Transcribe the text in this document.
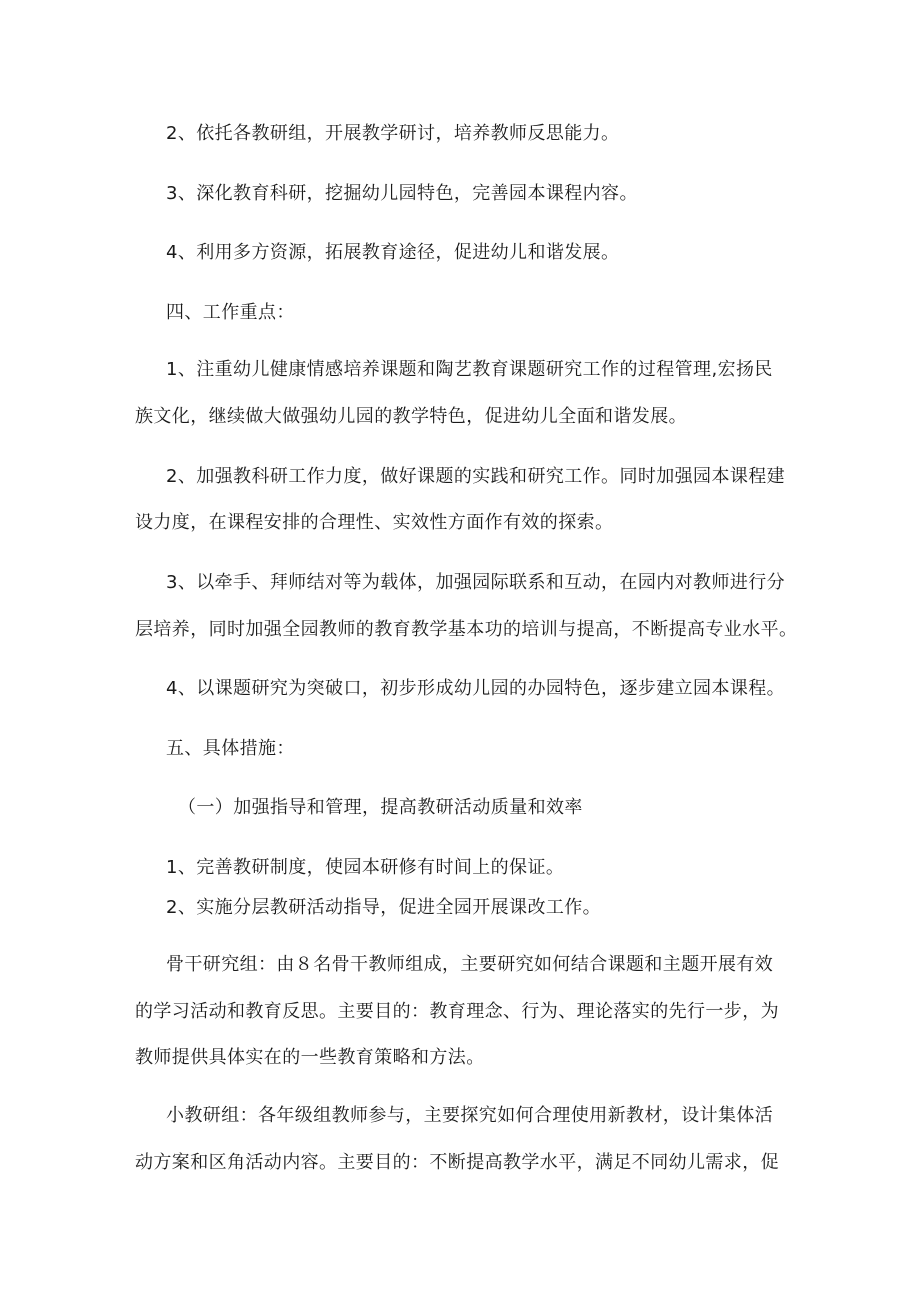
2、依托各教研组，开展教学研讨，培养教师反思能力。
3、深化教育科研，挖掘幼儿园特色，完善园本课程内容。
4、利用多方资源，拓展教育途径，促进幼儿和谐发展。
四、工作重点：
1、注重幼儿健康情感培养课题和陶艺教育课题研究工作的过程管理,宏扬民
族文化，继续做大做强幼儿园的教学特色，促进幼儿全面和谐发展。
2、加强教科研工作力度，做好课题的实践和研究工作。同时加强园本课程建
设力度，在课程安排的合理性、实效性方面作有效的探索。
3、以牵手、拜师结对等为载体，加强园际联系和互动，在园内对教师进行分
层培养，同时加强全园教师的教育教学基本功的培训与提高，不断提高专业水平。
4、以课题研究为突破口，初步形成幼儿园的办园特色，逐步建立园本课程。
五、具体措施：
（一）加强指导和管理，提高教研活动质量和效率
1、完善教研制度，使园本研修有时间上的保证。
2、实施分层教研活动指导，促进全园开展课改工作。
骨干研究组：由８名骨干教师组成，主要研究如何结合课题和主题开展有效
的学习活动和教育反思。主要目的：教育理念、行为、理论落实的先行一步，为
教师提供具体实在的一些教育策略和方法。
小教研组：各年级组教师参与，主要探究如何合理使用新教材，设计集体活
动方案和区角活动内容。主要目的：不断提高教学水平，满足不同幼儿需求，促
